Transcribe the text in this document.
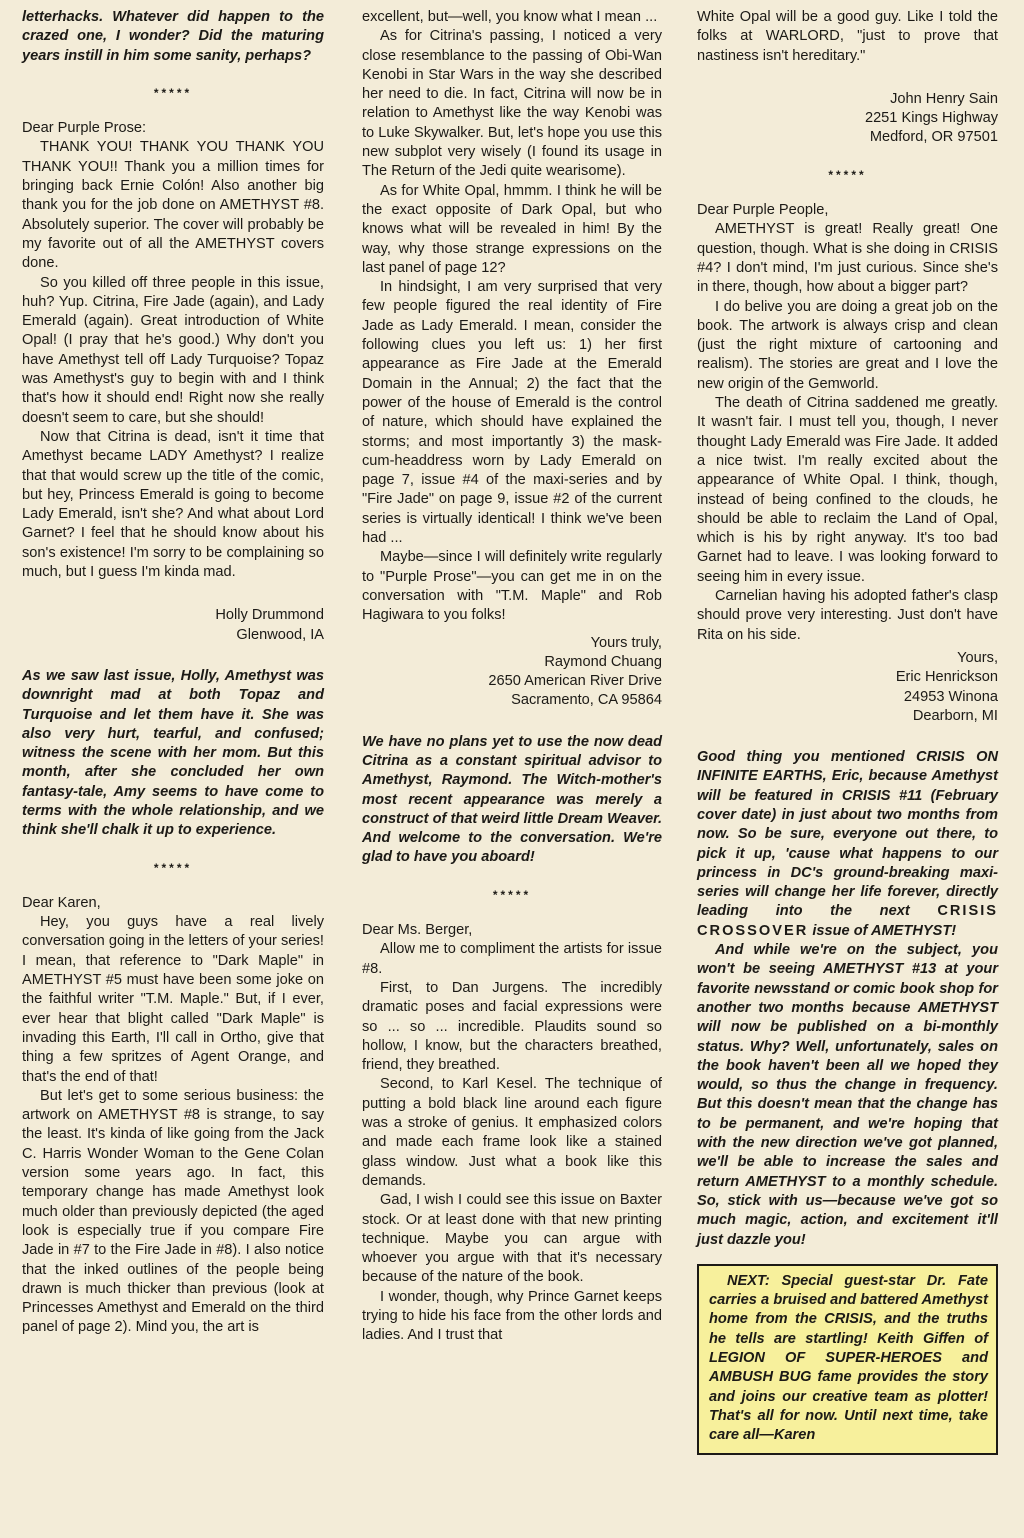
letterhacks. Whatever did happen to the crazed one, I wonder? Did the maturing years instill in him some sanity, perhaps?

*****

Dear Purple Prose:

THANK YOU! THANK YOU THANK YOU THANK YOU!! Thank you a million times for bringing back Ernie Colón! Also another big thank you for the job done on AMETHYST #8. Absolutely superior. The cover will probably be my favorite out of all the AMETHYST covers done.

So you killed off three people in this issue, huh? Yup. Citrina, Fire Jade (again), and Lady Emerald (again). Great introduction of White Opal! (I pray that he's good.) Why don't you have Amethyst tell off Lady Turquoise? Topaz was Amethyst's guy to begin with and I think that's how it should end! Right now she really doesn't seem to care, but she should!

Now that Citrina is dead, isn't it time that Amethyst became LADY Amethyst? I realize that that would screw up the title of the comic, but hey, Princess Emerald is going to become Lady Emerald, isn't she? And what about Lord Garnet? I feel that he should know about his son's existence! I'm sorry to be complaining so much, but I guess I'm kinda mad.

Holly Drummond

Glenwood, IA

As we saw last issue, Holly, Amethyst was downright mad at both Topaz and Turquoise and let them have it. She was also very hurt, tearful, and confused; witness the scene with her mom. But this month, after she concluded her own fantasy-tale, Amy seems to have come to terms with the whole relationship, and we think she'll chalk it up to experience.

*****

Dear Karen,

Hey, you guys have a real lively conversation going in the letters of your series! I mean, that reference to "Dark Maple" in AMETHYST #5 must have been some joke on the faithful writer "T.M. Maple." But, if I ever, ever hear that blight called "Dark Maple" is invading this Earth, I'll call in Ortho, give that thing a few spritzes of Agent Orange, and that's the end of that!

But let's get to some serious business: the artwork on AMETHYST #8 is strange, to say the least. It's kinda of like going from the Jack C. Harris Wonder Woman to the Gene Colan version some years ago. In fact, this temporary change has made Amethyst look much older than previously depicted (the aged look is especially true if you compare Fire Jade in #7 to the Fire Jade in #8). I also notice that the inked outlines of the people being drawn is much thicker than previous (look at Princesses Amethyst and Emerald on the third panel of page 2). Mind you, the art is

excellent, but—well, you know what I mean ...

As for Citrina's passing, I noticed a very close resemblance to the passing of Obi-Wan Kenobi in Star Wars in the way she described her need to die. In fact, Citrina will now be in relation to Amethyst like the way Kenobi was to Luke Skywalker. But, let's hope you use this new subplot very wisely (I found its usage in The Return of the Jedi quite wearisome).

As for White Opal, hmmm. I think he will be the exact opposite of Dark Opal, but who knows what will be revealed in him! By the way, why those strange expressions on the last panel of page 12?

In hindsight, I am very surprised that very few people figured the real identity of Fire Jade as Lady Emerald. I mean, consider the following clues you left us: 1) her first appearance as Fire Jade at the Emerald Domain in the Annual; 2) the fact that the power of the house of Emerald is the control of nature, which should have explained the storms; and most importantly 3) the mask-cum-headdress worn by Lady Emerald on page 7, issue #4 of the maxi-series and by "Fire Jade" on page 9, issue #2 of the current series is virtually identical! I think we've been had ...

Maybe—since I will definitely write regularly to "Purple Prose"—you can get me in on the conversation with "T.M. Maple" and Rob Hagiwara to you folks!

Yours truly,

Raymond Chuang

2650 American River Drive

Sacramento, CA 95864

We have no plans yet to use the now dead Citrina as a constant spiritual advisor to Amethyst, Raymond. The Witch-mother's most recent appearance was merely a construct of that weird little Dream Weaver. And welcome to the conversation. We're glad to have you aboard!

*****

Dear Ms. Berger,

Allow me to compliment the artists for issue #8.

First, to Dan Jurgens. The incredibly dramatic poses and facial expressions were so ... so ... incredible. Plaudits sound so hollow, I know, but the characters breathed, friend, they breathed.

Second, to Karl Kesel. The technique of putting a bold black line around each figure was a stroke of genius. It emphasized colors and made each frame look like a stained glass window. Just what a book like this demands.

Gad, I wish I could see this issue on Baxter stock. Or at least done with that new printing technique. Maybe you can argue with whoever you argue with that it's necessary because of the nature of the book.

I wonder, though, why Prince Garnet keeps trying to hide his face from the other lords and ladies. And I trust that

White Opal will be a good guy. Like I told the folks at WARLORD, "just to prove that nastiness isn't hereditary."

John Henry Sain

2251 Kings Highway

Medford, OR 97501

*****

Dear Purple People,

AMETHYST is great! Really great! One question, though. What is she doing in CRISIS #4? I don't mind, I'm just curious. Since she's in there, though, how about a bigger part?

I do belive you are doing a great job on the book. The artwork is always crisp and clean (just the right mixture of cartooning and realism). The stories are great and I love the new origin of the Gemworld.

The death of Citrina saddened me greatly. It wasn't fair. I must tell you, though, I never thought Lady Emerald was Fire Jade. It added a nice twist. I'm really excited about the appearance of White Opal. I think, though, instead of being confined to the clouds, he should be able to reclaim the Land of Opal, which is his by right anyway. It's too bad Garnet had to leave. I was looking forward to seeing him in every issue.

Carnelian having his adopted father's clasp should prove very interesting. Just don't have Rita on his side.

Yours,

Eric Henrickson

24953 Winona

Dearborn, MI

Good thing you mentioned CRISIS ON INFINITE EARTHS, Eric, because Amethyst will be featured in CRISIS #11 (February cover date) in just about two months from now. So be sure, everyone out there, to pick it up, 'cause what happens to our princess in DC's ground-breaking maxi-series will change her life forever, directly leading into the next CRISIS CROSSOVER issue of AMETHYST!

And while we're on the subject, you won't be seeing AMETHYST #13 at your favorite newsstand or comic book shop for another two months because AMETHYST will now be published on a bi-monthly status. Why? Well, unfortunately, sales on the book haven't been all we hoped they would, so thus the change in frequency. But this doesn't mean that the change has to be permanent, and we're hoping that with the new direction we've got planned, we'll be able to increase the sales and return AMETHYST to a monthly schedule. So, stick with us—because we've got so much magic, action, and excitement it'll just dazzle you!

NEXT: Special guest-star Dr. Fate carries a bruised and battered Amethyst home from the CRISIS, and the truths he tells are startling! Keith Giffen of LEGION OF SUPER-HEROES and AMBUSH BUG fame provides the story and joins our creative team as plotter! That's all for now. Until next time, take care all—Karen
